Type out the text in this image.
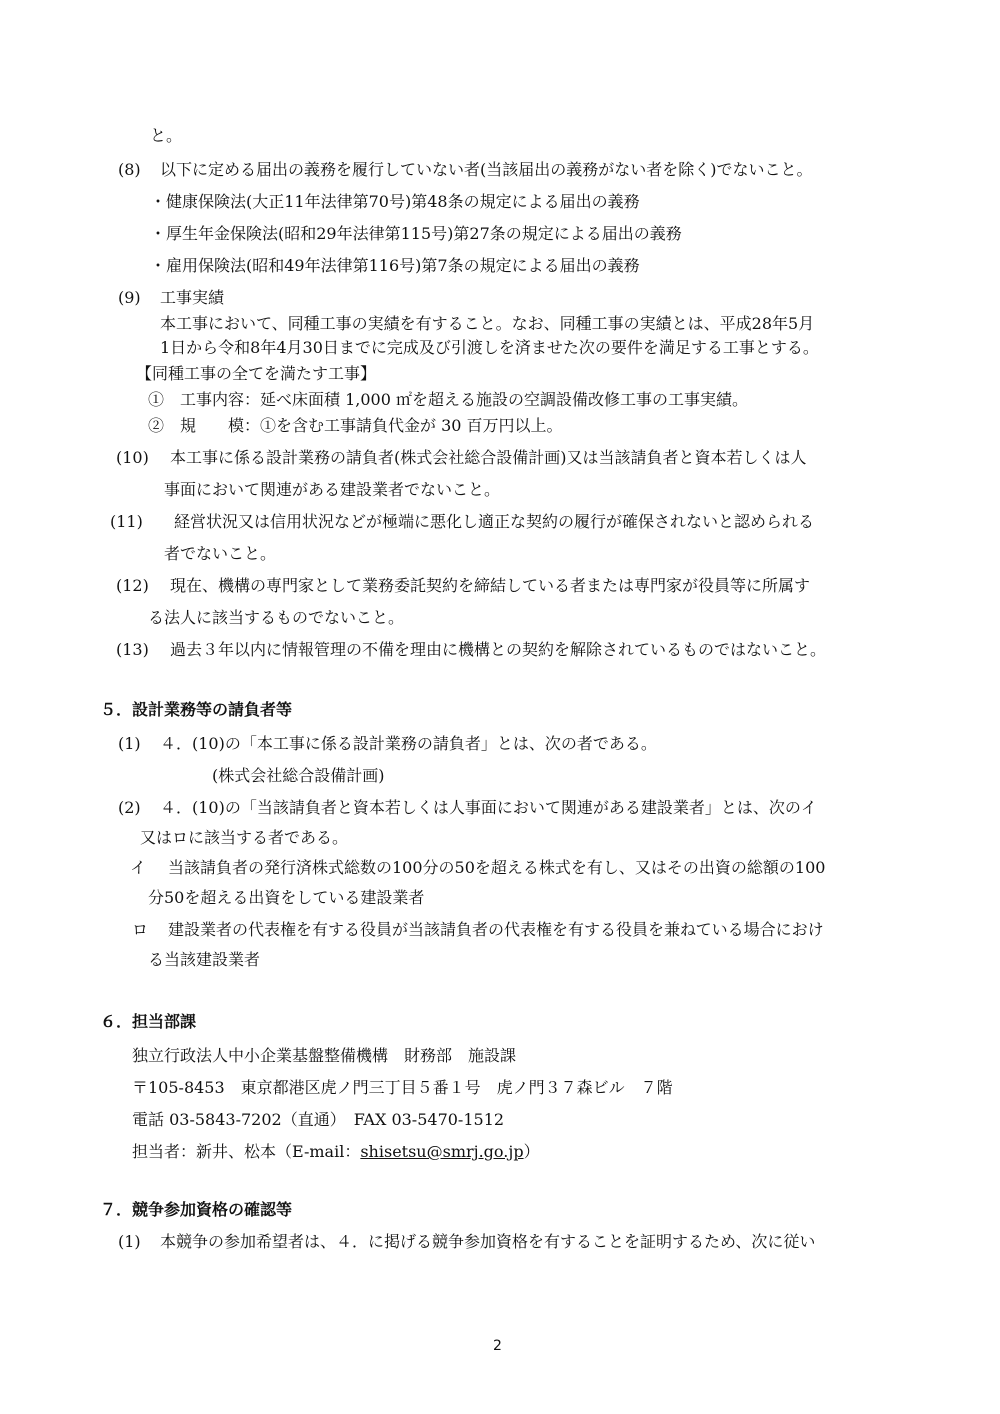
と。
(8) 以下に定める届出の義務を履行していない者(当該届出の義務がない者を除く)でないこと。
・健康保険法(大正11年法律第70号)第48条の規定による届出の義務
・厚生年金保険法(昭和29年法律第115号)第27条の規定による届出の義務
・雇用保険法(昭和49年法律第116号)第7条の規定による届出の義務
(9) 工事実績
本工事において、同種工事の実績を有すること。なお、同種工事の実績とは、平成28年5月
1日から令和8年4月30日までに完成及び引渡しを済ませた次の要件を満足する工事とする。
【同種工事の全てを満たす工事】
①　工事内容：延べ床面積 1,000 ㎡を超える施設の空調設備改修工事の工事実績。
②　規　　模：①を含む工事請負代金が 30 百万円以上。
(10) 本工事に係る設計業務の請負者(株式会社総合設備計画)又は当該請負者と資本若しくは人
事面において関連がある建設業者でないこと。
(11) 経営状況又は信用状況などが極端に悪化し適正な契約の履行が確保されないと認められる
者でないこと。
(12) 現在、機構の専門家として業務委託契約を締結している者または専門家が役員等に所属す
る法人に該当するものでないこと。
(13) 過去３年以内に情報管理の不備を理由に機構との契約を解除されているものではないこと。
５．設計業務等の請負者等
(1) ４．(10)の「本工事に係る設計業務の請負者」とは、次の者である。
(株式会社総合設備計画)
(2) ４．(10)の「当該請負者と資本若しくは人事面において関連がある建設業者」とは、次のイ
又はロに該当する者である。
イ 当該請負者の発行済株式総数の100分の50を超える株式を有し、又はその出資の総額の100
分50を超える出資をしている建設業者
ロ 建設業者の代表権を有する役員が当該請負者の代表権を有する役員を兼ねている場合におけ
る当該建設業者
６．担当部課
独立行政法人中小企業基盤整備機構　財務部　施設課
〒105-8453　東京都港区虎ノ門三丁目５番１号　虎ノ門３７森ビル　７階
電話 03-5843-7202（直通）　FAX 03-5470-1512
担当者：新井、松本（E-mail：shisetsu@smrj.go.jp）
７．競争参加資格の確認等
(1) 本競争の参加希望者は、４．に掲げる競争参加資格を有することを証明するため、次に従い
2
